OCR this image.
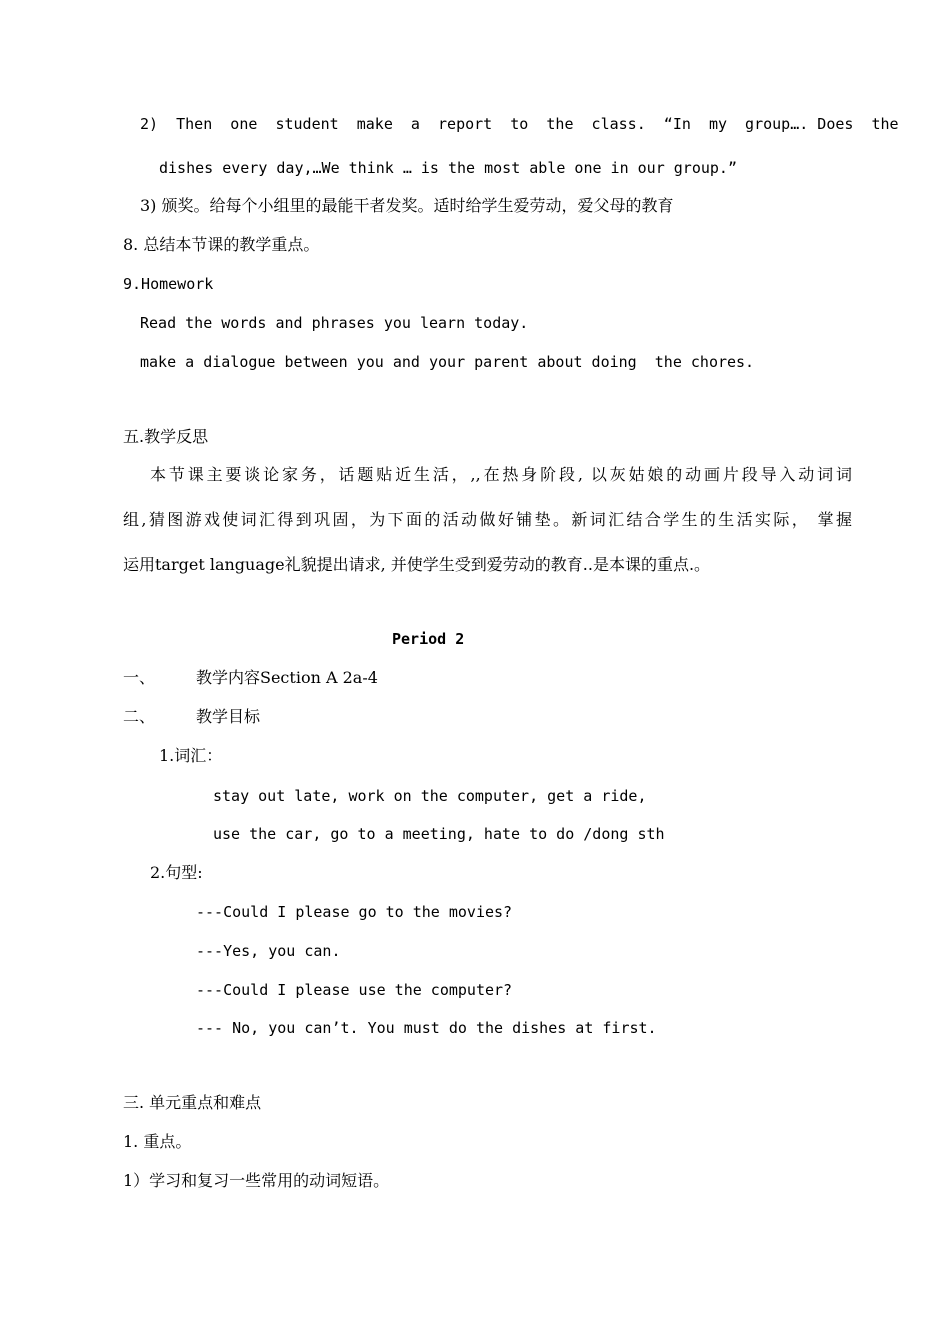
2)  Then  one  student  make  a  report  to  the  class.  “In  my  group…. Does  the
dishes every day,…We think … is the most able one in our group.”
3) 颁奖。给每个小组里的最能干者发奖。适时给学生爱劳动，爱父母的教育
8. 总结本节课的教学重点。
9.Homework
Read the words and phrases you learn today.
make a dialogue between you and your parent about doing  the chores.
五.教学反思
本节课主要谈论家务，话题贴近生活，,,在热身阶段, 以灰姑娘的动画片段导入动词词
组,猜图游戏使词汇得到巩固，为下面的活动做好铺垫。新词汇结合学生的生活实际， 掌握
运用target language礼貌提出请求, 并使学生受到爱劳动的教育..是本课的重点.。
Period 2
一、	教学内容Section A 2a-4
二、	教学目标
1.词汇：
stay out late, work on the computer, get a ride,
use the car, go to a meeting, hate to do /dong sth
2.句型:
---Could I please go to the movies?
---Yes, you can.
---Could I please use the computer?
--- No, you can’t. You must do the dishes at first.
三. 单元重点和难点
1. 重点。
1）学习和复习一些常用的动词短语。
